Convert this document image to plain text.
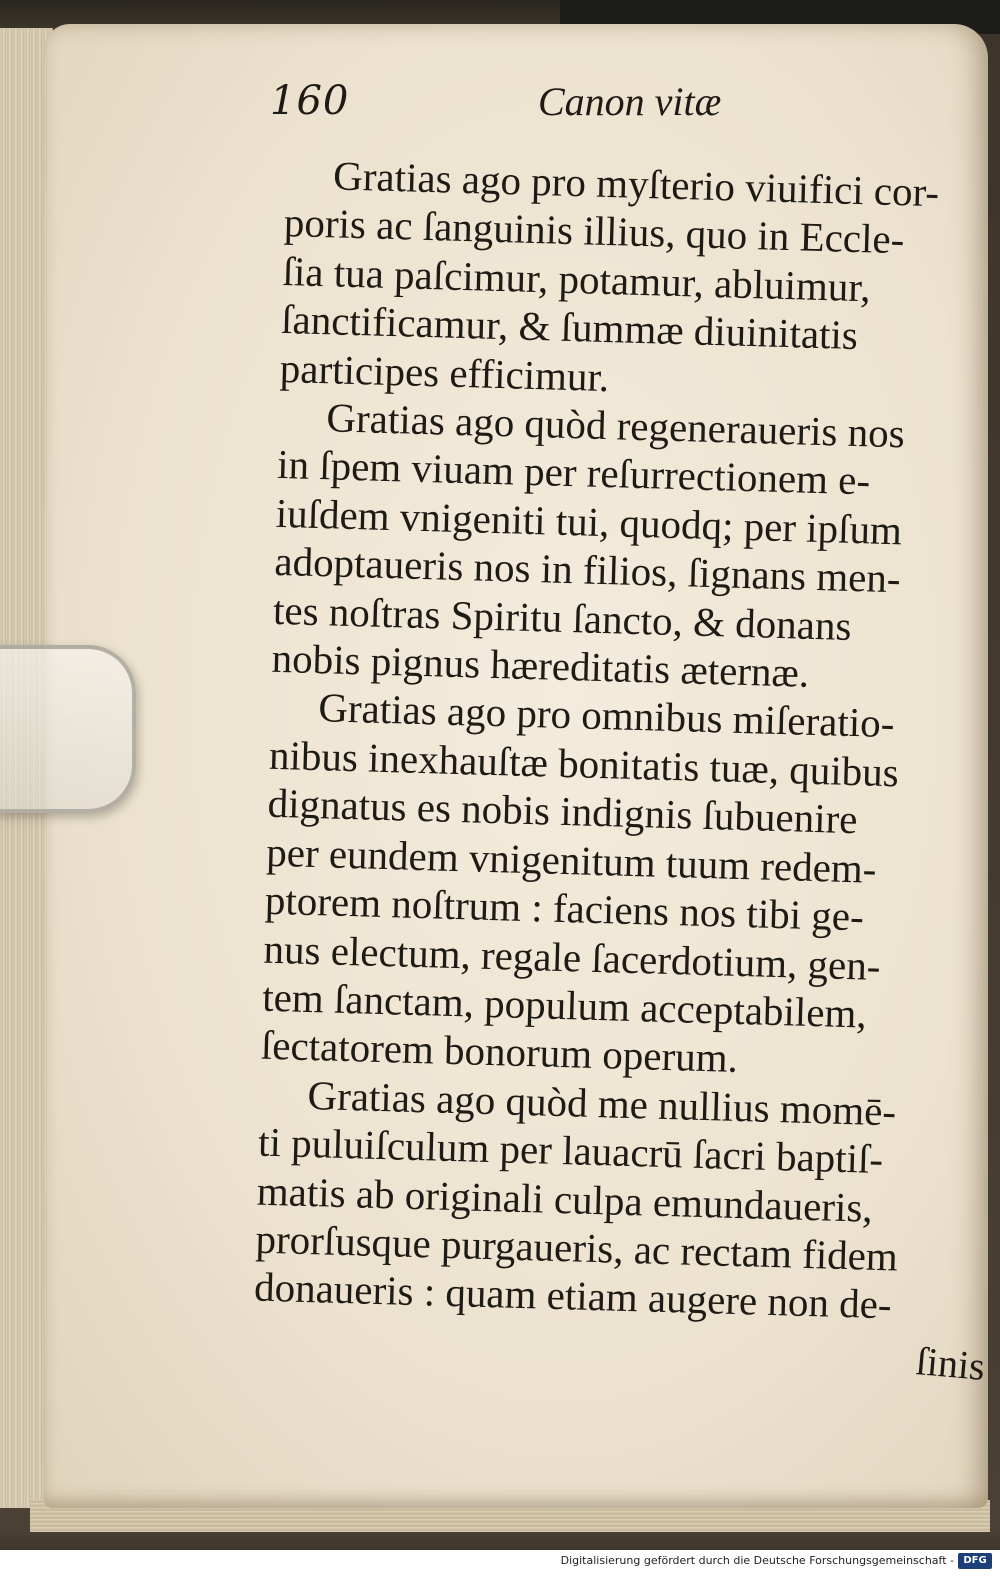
160	Canon vitæ
Gratias ago pro myſterio viuifici cor-
poris ac ſanguinis illius, quo in Eccle-
ſia tua paſcimur, potamur, abluimur,
ſanctificamur, & ſummæ diuinitatis
participes efficimur.
Gratias ago quòd regeneraueris nos
in ſpem viuam per reſurrectionem e-
iuſdem vnigeniti tui, quodq; per ipſum
adoptaueris nos in filios, ſignans men-
tes noſtras Spiritu ſancto, & donans
nobis pignus hæreditatis æternæ.
Gratias ago pro omnibus miſeratio-
nibus inexhauſtæ bonitatis tuæ, quibus
dignatus es nobis indignis ſubuenire
per eundem vnigenitum tuum redem-
ptorem noſtrum : faciens nos tibi ge-
nus electum, regale ſacerdotium, gen-
tem ſanctam, populum acceptabilem,
ſectatorem bonorum operum.
Gratias ago quòd me nullius momē-
ti puluiſculum per lauacrū ſacri baptiſ-
matis ab originali culpa emundaueris,
prorſusque purgaueris, ac rectam fidem
donaueris : quam etiam augere non de-
ſinis
Digitalisierung gefördert durch die Deutsche Forschungsgemeinschaft - DFG
